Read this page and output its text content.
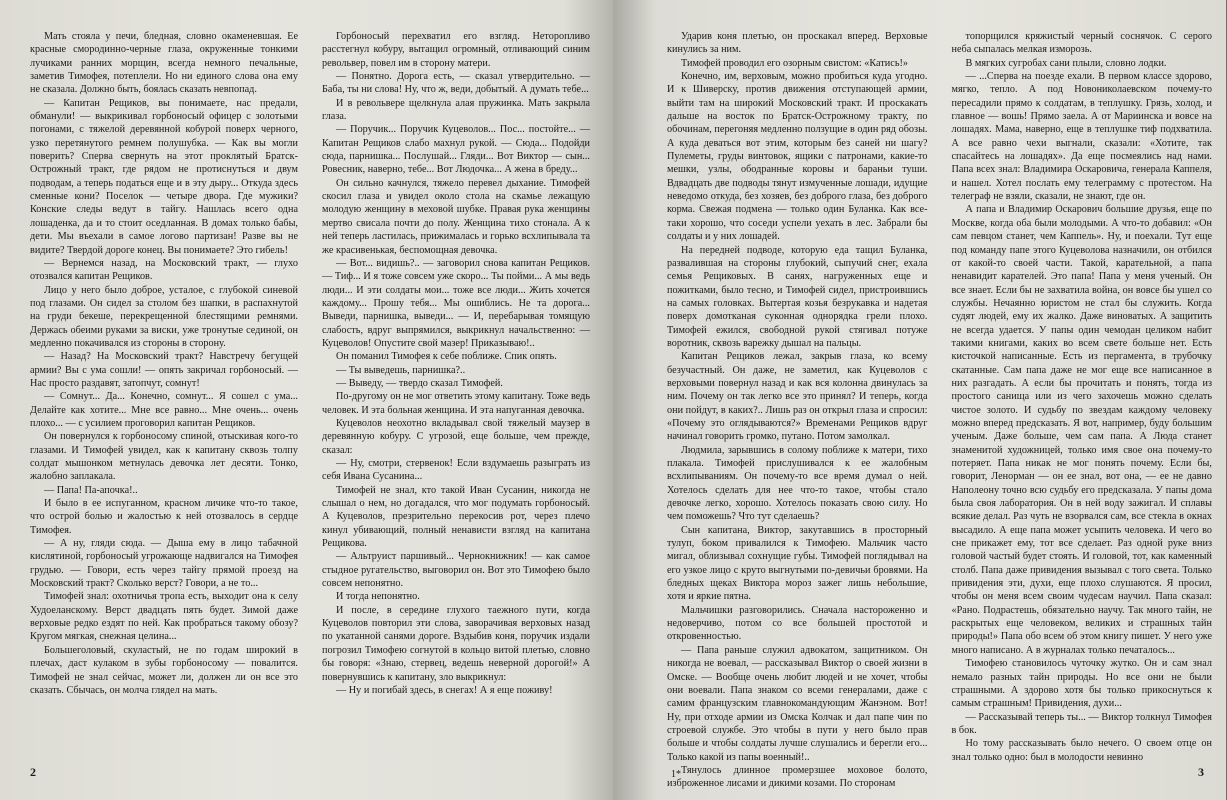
Мать стояла у печи, бледная, словно окаменевшая. Ее красные смородинно-черные глаза, окруженные тонкими лучиками ранних морщин, всегда немного печальные, заметив Тимофея, потеплели. Но ни единого слова она ему не сказала. Должно быть, боялась сказать невпопад.

— Капитан Рещиков, вы понимаете, нас предали, обманули! — выкрикивал горбоносый офицер с золотыми погонами, с тяжелой деревянной кобурой поверх черного, узко перетянутого ремнем полушубка. — Как вы могли поверить? Сперва свернуть на этот проклятый Братск-Острожный тракт, где рядом не протиснуться и двум подводам, а теперь податься еще и в эту дыру... Откуда здесь сменные кони? Поселок — четыре двора. Где мужики? Конские следы ведут в тайгу. Нашлась всего одна лошаденка, да и то стоит оседланная. В домах только бабы, дети. Мы въехали в самое логово партизан! Разве вы не видите? Твердой дороге конец. Вы понимаете? Это гибель!

— Вернемся назад, на Московский тракт, — глухо отозвался капитан Рещиков.

Лицо у него было доброе, усталое, с глубокой синевой под глазами. Он сидел за столом без шапки, в распахнутой на груди бекеше, перекрещенной блестящими ремнями. Держась обеими руками за виски, уже тронутые сединой, он медленно покачивался из стороны в сторону.

— Назад? На Московский тракт? Навстречу бегущей армии? Вы с ума сошли! — опять закричал горбоносый. — Нас просто раздавят, затопчут, сомнут!

— Сомнут... Да... Конечно, сомнут... Я сошел с ума... Делайте как хотите... Мне все равно... Мне очень... очень плохо... — с усилием проговорил капитан Рещиков.

Он повернулся к горбоносому спиной, отыскивая кого-то глазами. И Тимофей увидел, как к капитану сквозь толпу солдат мышонком метнулась девочка лет десяти. Тонко, жалобно заплакала.

— Папа! Па-апочка!..

И было в ее испуганном, красном личике что-то такое, что острой болью и жалостью к ней отозвалось в сердце Тимофея.

— А ну, гляди сюда. — Дыша ему в лицо табачной кислятиной, горбоносый угрожающе надвигался на Тимофея грудью. — Говори, есть через тайгу прямой проезд на Московский тракт? Сколько верст? Говори, а не то...

Тимофей знал: охотничья тропа есть, выходит она к селу Худоеланскому. Верст двадцать пять будет. Зимой даже верховые редко ездят по ней. Как пробраться такому обозу? Кругом мягкая, снежная целина...

Большеголовый, скуластый, не по годам широкий в плечах, даст кулаком в зубы горбоносому — повалится. Тимофей не знал сейчас, может ли, должен ли он все это сказать. Сбычась, он молча глядел на мать.

Горбоносый перехватил его взгляд. Неторопливо расстегнул кобуру, вытащил огромный, отливающий синим револьвер, повел им в сторону матери.

— Понятно. Дорога есть, — сказал утвердительно. — Баба, ты ни слова! Ну, что ж, веди, добытый. А думать тебе...

И в револьвере щелкнула алая пружинка. Мать закрыла глаза.

— Поручик... Поручик Куцеволов... Пос... постойте... — Капитан Рещиков слабо махнул рукой. — Сюда... Подойди сюда, парнишка... Послушай... Гляди... Вот Виктор — сын... Ровесник, наверно, тебе... Вот Людочка... А жена в бреду...

Он сильно качнулся, тяжело перевел дыхание. Тимофей скосил глаза и увидел около стола на скамье лежащую молодую женщину в меховой шубке. Правая рука женщины мертво свисала почти до полу. Женщина тихо стонала. А к ней теперь ластилась, прижималась и горько всхлипывала та же красивенькая, беспомощная девочка.

— Вот... видишь?.. — заговорил снова капитан Рещиков. — Тиф... И я тоже совсем уже скоро... Ты пойми... А мы ведь люди... И эти солдаты мои... тоже все люди... Жить хочется каждому... Прошу тебя... Мы ошиблись. Не та дорога... Выведи, парнишка, выведи... — И, перебарывая томящую слабость, вдруг выпрямился, выкрикнул начальственно: — Куцеволов! Опустите свой мазер! Приказываю!..

Он поманил Тимофея к себе поближе. Спик опять.

— Ты выведешь, парнишка?..

— Выведу, — твердо сказал Тимофей.

По-другому он не мог ответить этому капитану. Тоже ведь человек. И эта больная женщина. И эта напуганная девочка.

Куцеволов неохотно вкладывал свой тяжелый маузер в деревянную кобуру. С угрозой, еще больше, чем прежде, сказал:

— Ну, смотри, стервенок! Если вздумаешь разыграть из себя Ивана Сусанина...

Тимофей не знал, кто такой Иван Сусанин, никогда не слышал о нем, но догадался, что мог подумать горбоносый. А Куцеволов, презрительно перекосив рот, через плечо кинул убивающий, полный ненависти взгляд на капитана Рещикова.

— Альтруист паршивый... Чернокнижник! — как самое стыдное ругательство, выговорил он. Вот это Тимофею было совсем непонятно.

И тогда непонятно.

И после, в середине глухого таежного пути, когда Куцеволов повторил эти слова, заворачивая верховых назад по укатанной санями дороге. Вздыбив коня, поручик издали погрозил Тимофею согнутой в кольцо витой плетью, словно бы говоря: «Знаю, стервец, ведешь неверной дорогой!» А повернувшись к капитану, зло выкрикнул:

— Ну и погибай здесь, в снегах! А я еще поживу!

2

Ударив коня плетью, он проскакал вперед. Верховые кинулись за ним.

Тимофей проводил его озорным свистом: «Катись!»

Конечно, им, верховым, можно пробиться куда угодно. И к Шиверску, против движения отступающей армии, выйти там на широкий Московский тракт. И проскакать дальше на восток по Братск-Острожному тракту, по обочинам, перегоняя медленно ползущие в один ряд обозы. А куда деваться вот этим, которым без саней ни шагу? Пулеметы, груды винтовок, ящики с патронами, какие-то мешки, узлы, ободранные коровы и бараньи туши. Вдвадцать две подводы тянут измученные лошади, идущие неведомо откуда, без хозяев, без доброго глаза, без доброго корма. Свежая подмена — только один Буланка. Как все-таки хорошо, что соседи успели уехать в лес. Забрали бы солдаты и у них лошадей.

На передней подводе, которую еда тащил Буланка, развалившая на стороны глубокий, сыпучий снег, ехала семья Рещиковых. В санях, нагруженных еще и пожитками, было тесно, и Тимофей сидел, пристроившись на самых головках. Вытертая козья безрукавка и надетая поверх домотканая суконная однорядка грели плохо. Тимофей ежился, свободной рукой стягивал потуже воротник, сквозь варежку дышал на пальцы.

Капитан Рещиков лежал, закрыв глаза, ко всему безучастный. Он даже, не заметил, как Куцеволов с верховыми повернул назад и как вся колонна двинулась за ним. Почему он так легко все это принял? И теперь, когда они пойдут, в каких?.. Лишь раз он открыл глаза и спросил: «Почему это оглядываются?» Временами Рещиков вдруг начинал говорить громко, путано. Потом замолкал.

Людмила, зарывшись в солому поближе к матери, тихо плакала. Тимофей прислушивался к ее жалобным всхлипываниям. Он почему-то все время думал о ней. Хотелось сделать для нее что-то такое, чтобы стало девочке легко, хорошо. Хотелось показать свою силу. Но чем поможешь? Что тут сделаешь?

Сын капитана, Виктор, закутавшись в просторный тулуп, боком привалился к Тимофею. Мальчик часто мигал, облизывал сохнущие губы. Тимофей поглядывал на его узкое лицо с круто выгнутыми по-девичьи бровями. На бледных щеках Виктора мороз зажег лишь небольшие, хотя и яркие пятна.

Мальчишки разговорились. Сначала настороженно и недоверчиво, потом со все большей простотой и откровенностью.

— Папа раньше служил адвокатом, защитником. Он никогда не воевал, — рассказывал Виктор о своей жизни в Омске. — Вообще очень любит людей и не хочет, чтобы они воевали. Папа знаком со всеми генералами, даже с самим французским главнокомандующим Жанэном. Вот! Ну, при отходе армии из Омска Колчак и дал папе чин по строевой службе. Это чтобы в пути у него было прав больше и чтобы солдаты лучше слушались и берегли его... Только какой из папы военный!..

Тянулось длинное промерзшее моховое болото, изброженное лисами и дикими козами. По сторонам

топорщился кряжистый черный соснячок. С серого неба сыпалась мелкая изморозь.

В мягких сугробах сани плыли, словно лодки.

— ...Сперва на поезде ехали. В первом классе здорово, мягко, тепло. А под Новониколаевском почему-то пересадили прямо к солдатам, в теплушку. Грязь, холод, и главное — вошь! Прямо заела. А от Мариинска и вовсе на лошадях. Мама, наверно, еще в теплушке тиф подхватила. А все равно чехи выгнали, сказали: «Хотите, так спасайтесь на лошадях». Да еще посмеялись над нами. Папа всех знал: Владимира Оскаровича, генерала Каппеля, и нашел. Хотел послать ему телеграмму с протестом. На телеграф не взяли, сказали, не знают, где он.

А папа и Владимир Оскарович большие друзья, еще по Москве, когда оба были молодыми. А что-то добавил: «Он сам певцом станет, чем Каппель». Ну, и поехали. Тут еще под команду папе этого Куцеволова назначили, он отбился от какой-то своей части. Такой, карательной, а папа ненавидит карателей. Это папа! Папа у меня ученый. Он все знает. Если бы не захватила война, он вовсе бы ушел со службы. Нечаянно юристом не стал бы служить. Когда судят людей, ему их жалко. Даже виноватых. А защитить не всегда удается. У папы один чемодан целиком набит такими книгами, каких во всем свете больше нет. Есть кисточкой написанные. Есть из пергамента, в трубочку скатанные. Сам папа даже не мог еще все написанное в них разгадать. А если бы прочитать и понять, тогда из простого санища или из чего захочешь можно сделать чистое золото. И судьбу по звездам каждому человеку можно вперед предсказать. Я вот, например, буду большим ученым. Даже больше, чем сам папа. А Люда станет знаменитой художницей, только имя свое она почему-то потеряет. Папа никак не мог понять почему. Если бы, говорит, Ленорман — он ее знал, вот она, — ее не давно Наполеону точно всю судьбу его предсказала. У папы дома была своя лаборатория. Он в ней воду зажигал. И сплавы всякие делал. Раз чуть не взорвался сам, все стекла в окнах высадило. А еще папа может усыпить человека. И чего во сне прикажет ему, тот все сделает. Раз одной руке вниз головой частый будет стоять. И головой, тот, как каменный столб. Папа даже привидения вызывал с того света. Только привидения эти, духи, еще плохо слушаются. Я просил, чтобы он меня всем своим чудесам научил. Папа сказал: «Рано. Подрастешь, обязательно научу. Так много тайн, не раскрытых еще человеком, великих и страшных тайн природы!» Папа обо всем об этом книгу пишет. У него уже много написано. А в журналах только печаталось...

Тимофею становилось чуточку жутко. Он и сам знал немало разных тайн природы. Но все они не были страшными. А здорово хотя бы только прикоснуться к самым страшным! Привидения, духи...

— Рассказывай теперь ты... — Виктор толкнул Тимофея в бок.

Но тому рассказывать было нечего. О своем отце он знал только одно: был в молодости невинно

1*	3
